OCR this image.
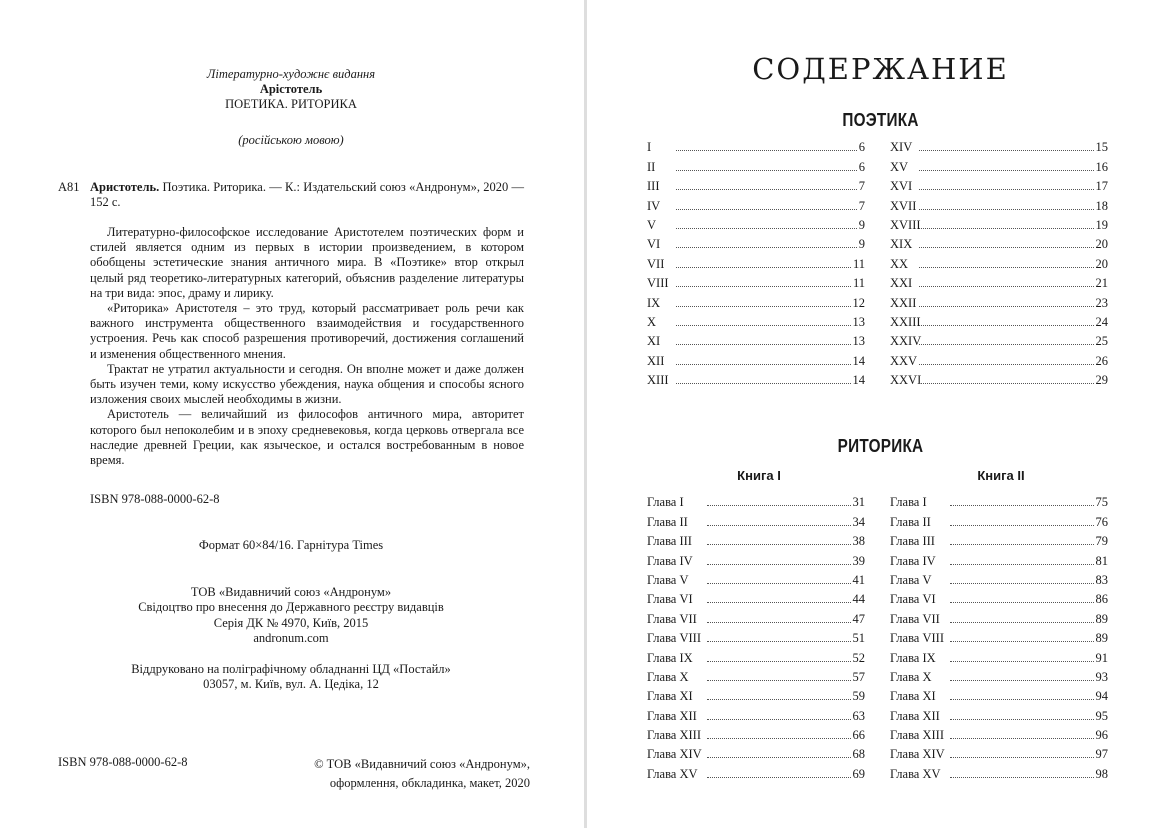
Літературно-художнє видання
Арістотель
ПОЕТИКА. РИТОРИКА
(російською мовою)
А81 Аристотель. Поэтика. Риторика. — К.: Издательский союз «Андронум», 2020 — 152 с.

Литературно-философское исследование Аристотелем поэтических форм и стилей является одним из первых в истории произведением, в котором обобщены эстетические знания античного мира. В «Поэтике» втор открыл целый ряд теоретико-литературных категорий, объяснив разделение литературы на три вида: эпос, драму и лирику.

«Риторика» Аристотеля – это труд, который рассматривает роль речи как важного инструмента общественного взаимодействия и государственного устроения. Речь как способ разрешения противоречий, достижения соглашений и изменения общественного мнения.

Трактат не утратил актуальности и сегодня. Он вполне может и даже должен быть изучен теми, кому искусство убеждения, наука общения и способы ясного изложения своих мыслей необходимы в жизни.

Аристотель — величайший из философов античного мира, авторитет которого был непоколебим и в эпоху средневековья, когда церковь отвергала все наследие древней Греции, как языческое, и остался востребованным в новое время.

ISBN 978-088-0000-62-8
Формат 60×84/16. Гарнітура Times
ТОВ «Видавничий союз «Андронум»
Свідоцтво про внесення до Державного реєстру видавців
Серія ДК № 4970, Київ, 2015
andronum.com
Віддруковано на поліграфічному обладнанні ЦД «Постайл»
03057, м. Київ, вул. А. Цедіка, 12
ISBN 978-088-0000-62-8	© ТОВ «Видавничий союз «Андронум»,
оформлення, обкладинка, макет, 2020
СОДЕРЖАНИЕ
ПОЭТИКА
I	6
II	6
III	7
IV	7
V	9
VI	9
VII	11
VIII	11
IX	12
X	13
XI	13
XII	14
XIII	14
XIV	15
XV	16
XVI	17
XVII	18
XVIII	19
XIX	20
XX	20
XXI	21
XXII	23
XXIII	24
XXIV	25
XXV	26
XXVI	29
РИТОРИКА
Книга I	Книга II
Глава I	31
Глава II	34
Глава III	38
Глава IV	39
Глава V	41
Глава VI	44
Глава VII	47
Глава VIII	51
Глава IX	52
Глава X	57
Глава XI	59
Глава XII	63
Глава XIII	66
Глава XIV	68
Глава XV	69
Глава I	75
Глава II	76
Глава III	79
Глава IV	81
Глава V	83
Глава VI	86
Глава VII	89
Глава VIII	89
Глава IX	91
Глава X	93
Глава XI	94
Глава XII	95
Глава XIII	96
Глава XIV	97
Глава XV	98
